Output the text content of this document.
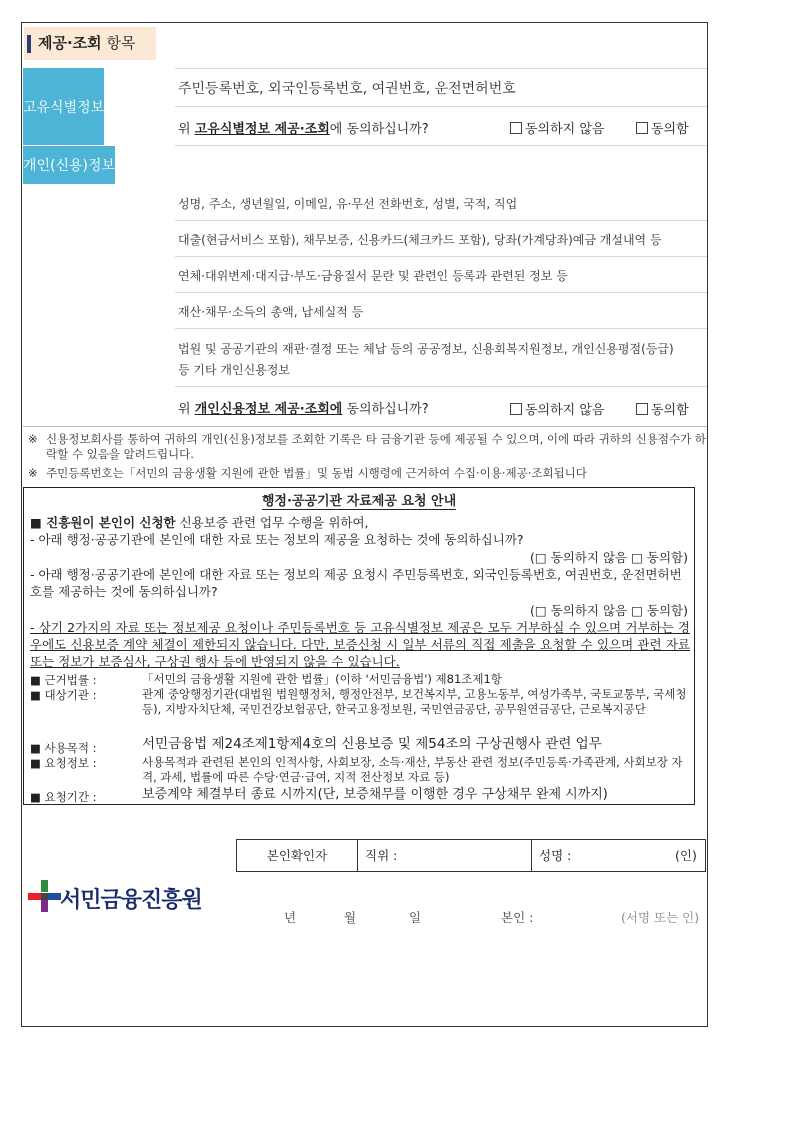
제공·조회 항목
고유식별정보
주민등록번호, 외국인등록번호, 여권번호, 운전면허번호
위 고유식별정보 제공·조회에 동의하십니까?	동의하지 않음	동의함
개인(신용)정보
일반개인정보	성명, 주소, 생년월일, 이메일, 유·무선 전화번호, 성별, 국적, 직업
신용거래정보	대출(현금서비스 포함), 채무보증, 신용카드(체크카드 포함), 당좌(가계당좌)예금 개설내역 등
신용도판단정보 연체·대위변제·대지급·부도·금융질서 문란 및 관련인 등록과 관련된 정보 등
신용능력정보	재산·채무·소득의 총액, 납세실적 등
공공정보 등
법원 및 공공기관의 재판·결정 또는 체납 등의 공공정보, 신용회복지원정보, 개인신용평점(등급)
등 기타 개인신용정보
위 개인신용정보 제공·조회에 동의하십니까?	동의하지 않음	동의함
※ 신용정보회사를 통하여 귀하의 개인(신용)정보를 조회한 기록은 타 금융기관 등에 제공될 수 있으며, 이에 따라 귀하의 신용점수가 하락할 수 있음을 알려드립니다.
※ 주민등록번호는「서민의 금융생활 지원에 관한 법률」및 동법 시행령에 근거하여 수집·이용·제공·조회됩니다
행정·공공기관 자료제공 요청 안내
■ 진흥원이 본인이 신청한 신용보증 관련 업무 수행을 위하여,
- 아래 행정·공공기관에 본인에 대한 자료 또는 정보의 제공을 요청하는 것에 동의하십니까?
(□ 동의하지 않음 □ 동의함)
- 아래 행정·공공기관에 본인에 대한 자료 또는 정보의 제공 요청시 주민등록번호, 외국인등록번호, 여권번호, 운전면허번호를 제공하는 것에 동의하십니까?
(□ 동의하지 않음 □ 동의함)
- 상기 2가지의 자료 또는 정보제공 요청이나 주민등록번호 등 고유식별정보 제공은 모두 거부하실 수 있으며 거부하는 경우에도 신용보증 계약 체결이 제한되지 않습니다. 다만, 보증신청 시 일부 서류의 직접 제출을 요청할 수 있으며 관련 자료 또는 정보가 보증심사, 구상권 행사 등에 반영되지 않을 수 있습니다.
■ 근거법률 :	「서민의 금융생활 지원에 관한 법률」(이하 '서민금융법') 제81조제1항
■ 대상기관 :	관계 중앙행정기관(대법원 법원행정처, 행정안전부, 보건복지부, 고용노동부, 여성가족부, 국토교통부, 국세청 등), 지방자치단체, 국민건강보험공단, 한국고용정보원, 국민연금공단, 공무원연금공단, 근로복지공단
■ 사용목적 :	서민금융법 제24조제1항제4호의 신용보증 및 제54조의 구상권행사 관련 업무
■ 요청정보 :	사용목적과 관련된 본인의 인적사항, 사회보장, 소득·재산, 부동산 관련 정보(주민등록·가족관계, 사회보장 자격, 과세, 법률에 따른 수당·연금·급여, 지적 전산정보 자료 등)
■ 요청기간 :	보증계약 체결부터 종료 시까지(단, 보증채무를 이행한 경우 구상채무 완제 시까지)
본인확인자	직위 :	성명 :	(인)
서민금융진흥원
년	월	일	본인 :	(서명 또는 인)
